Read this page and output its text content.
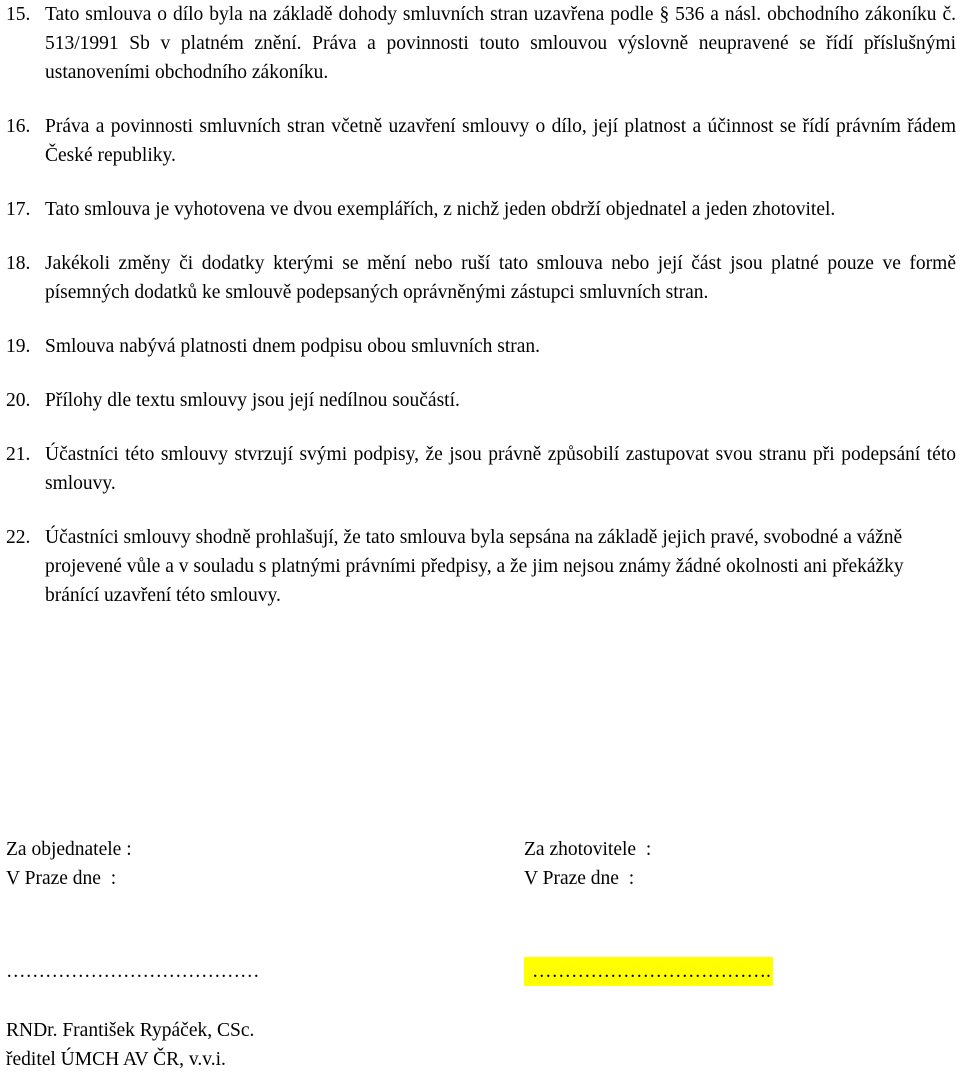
15. Tato smlouva o dílo byla na základě dohody smluvních stran uzavřena podle § 536 a násl. obchodního zákoníku č. 513/1991 Sb v platném znění. Práva a povinnosti touto smlouvou výslovně neupravené se řídí příslušnými ustanoveními obchodního zákoníku.
16. Práva a povinnosti smluvních stran včetně uzavření smlouvy o dílo, její platnost a účinnost se řídí právním řádem České republiky.
17. Tato smlouva je vyhotovena ve dvou exemplářích, z nichž jeden obdrží objednatel a jeden zhotovitel.
18. Jakékoli změny či dodatky kterými se mění nebo ruší tato smlouva nebo její část jsou platné pouze ve formě písemných dodatků ke smlouvě podepsaných oprávněnými zástupci smluvních stran.
19. Smlouva nabývá platnosti dnem podpisu obou smluvních stran.
20. Přílohy dle textu smlouvy jsou její nedílnou součástí.
21. Účastníci této smlouvy stvrzují svými podpisy, že jsou právně způsobilí zastupovat svou stranu při podepsání této smlouvy.
22. Účastníci smlouvy shodně prohlašují, že tato smlouva byla sepsána na základě jejich pravé, svobodné a vážně projevené vůle a v souladu s platnými právními předpisy, a že jim nejsou známy žádné okolnosti ani překážky bránící uzavření této smlouvy.
Za objednatele :
V Praze dne  :
…………………………………
RNDr. František Rypáček, CSc.
ředitel ÚMCH AV ČR, v.v.i.
Za zhotovitele  :
V Praze dne  :
……………………………….
